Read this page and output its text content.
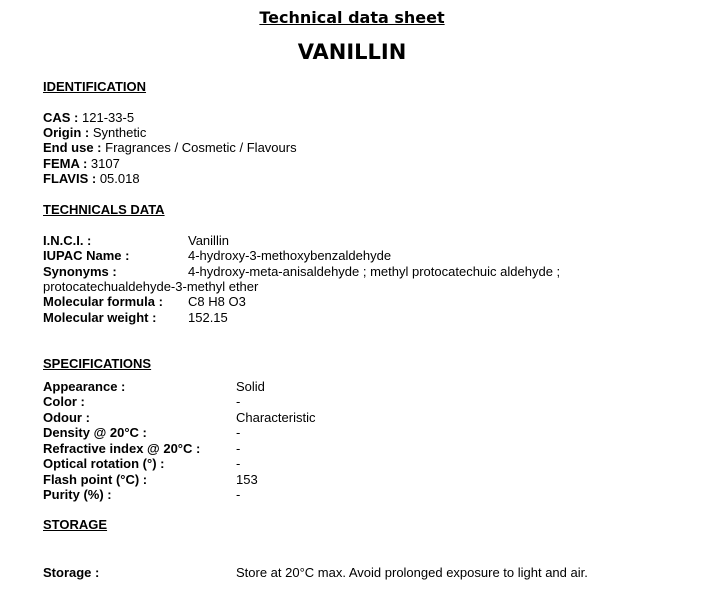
Technical data sheet
VANILLIN
IDENTIFICATION
CAS : 121-33-5
Origin : Synthetic
End use : Fragrances / Cosmetic / Flavours
FEMA : 3107
FLAVIS : 05.018
TECHNICALS DATA
I.N.C.I. :	Vanillin
IUPAC Name :	4-hydroxy-3-methoxybenzaldehyde
Synonyms :	4-hydroxy-meta-anisaldehyde ; methyl protocatechuic aldehyde ;
protocatechualdehyde-3-methyl ether
Molecular formula : C8 H8 O3
Molecular weight : 152.15
SPECIFICATIONS
Appearance :	Solid
Color :	-
Odour :	Characteristic
Density @ 20°C :	-
Refractive index @ 20°C :	-
Optical rotation (°) :	-
Flash point (°C) :	153
Purity (%) :	-
STORAGE
Storage :	Store at 20°C max. Avoid prolonged exposure to light and air.
